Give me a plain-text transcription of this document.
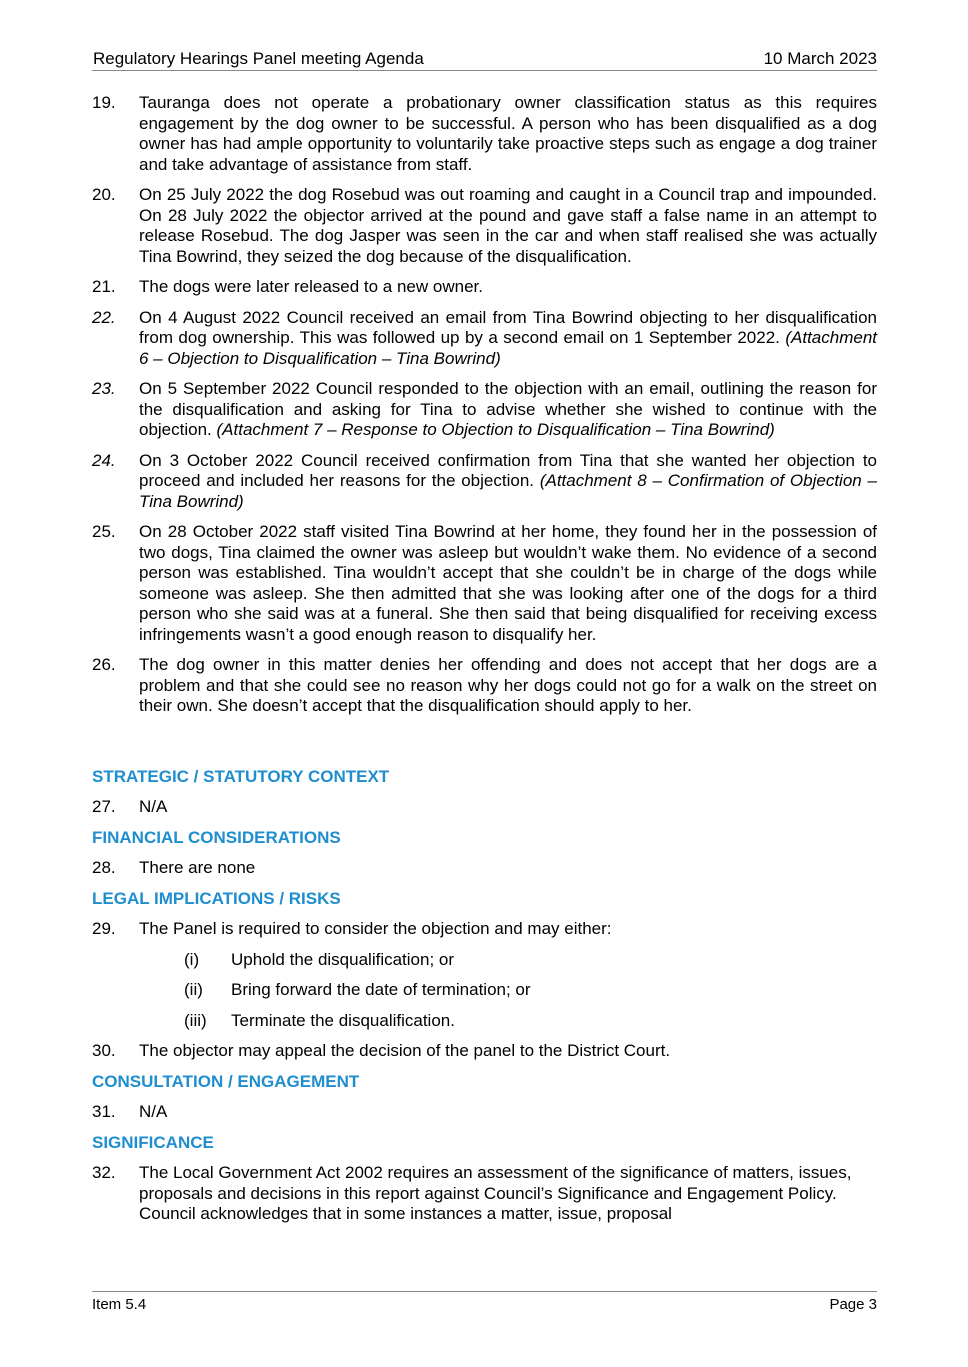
Regulatory Hearings Panel meeting Agenda	10 March 2023
19. Tauranga does not operate a probationary owner classification status as this requires engagement by the dog owner to be successful. A person who has been disqualified as a dog owner has had ample opportunity to voluntarily take proactive steps such as engage a dog trainer and take advantage of assistance from staff.
20. On 25 July 2022 the dog Rosebud was out roaming and caught in a Council trap and impounded. On 28 July 2022 the objector arrived at the pound and gave staff a false name in an attempt to release Rosebud. The dog Jasper was seen in the car and when staff realised she was actually Tina Bowrind, they seized the dog because of the disqualification.
21. The dogs were later released to a new owner.
22. On 4 August 2022 Council received an email from Tina Bowrind objecting to her disqualification from dog ownership. This was followed up by a second email on 1 September 2022. (Attachment 6 – Objection to Disqualification – Tina Bowrind)
23. On 5 September 2022 Council responded to the objection with an email, outlining the reason for the disqualification and asking for Tina to advise whether she wished to continue with the objection. (Attachment 7 – Response to Objection to Disqualification – Tina Bowrind)
24. On 3 October 2022 Council received confirmation from Tina that she wanted her objection to proceed and included her reasons for the objection. (Attachment 8 – Confirmation of Objection – Tina Bowrind)
25. On 28 October 2022 staff visited Tina Bowrind at her home, they found her in the possession of two dogs, Tina claimed the owner was asleep but wouldn’t wake them. No evidence of a second person was established. Tina wouldn’t accept that she couldn’t be in charge of the dogs while someone was asleep. She then admitted that she was looking after one of the dogs for a third person who she said was at a funeral. She then said that being disqualified for receiving excess infringements wasn’t a good enough reason to disqualify her.
26. The dog owner in this matter denies her offending and does not accept that her dogs are a problem and that she could see no reason why her dogs could not go for a walk on the street on their own. She doesn’t accept that the disqualification should apply to her.
STRATEGIC / STATUTORY CONTEXT
27. N/A
FINANCIAL CONSIDERATIONS
28. There are none
LEGAL IMPLICATIONS / RISKS
29. The Panel is required to consider the objection and may either:
(i) Uphold the disqualification; or
(ii) Bring forward the date of termination; or
(iii) Terminate the disqualification.
30. The objector may appeal the decision of the panel to the District Court.
CONSULTATION / ENGAGEMENT
31. N/A
SIGNIFICANCE
32. The Local Government Act 2002 requires an assessment of the significance of matters, issues, proposals and decisions in this report against Council’s Significance and Engagement Policy. Council acknowledges that in some instances a matter, issue, proposal
Item 5.4	Page 3
